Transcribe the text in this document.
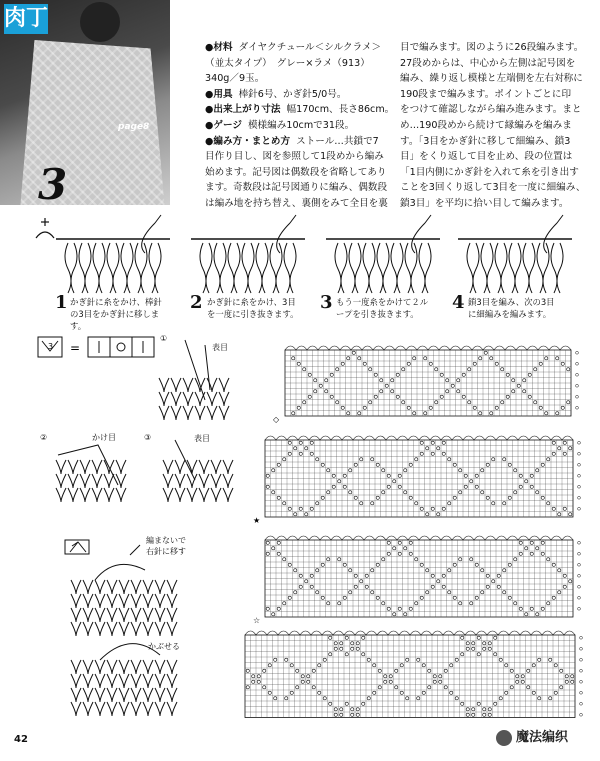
肉丁
page8
3
●材料 ダイヤクチュール＜シルクラメ＞
（並太タイプ）　グレー×ラメ（913）
340g／9玉。
●用具 棒針6号、かぎ針5/0号。
●出来上がり寸法 幅170cm、長さ86cm。
●ゲージ 模様編み10cmで31段。
●編み方・まとめ方 ストール…共鎖で7
目作り目し、図を参照して1段めから編み
始めます。記号図は偶数段を省略してあり
ます。奇数段は記号図通りに編み、偶数段
は編み地を持ち替え、裏側をみて全目を裏
目で編みます。図のように26段編みます。
27段めからは、中心から左側は記号図を
編み、繰り返し模様と左端側を左右対称に
190段まで編みます。ポイントごとに印
をつけて確認しながら編み進みます。まと
め…190段めから続けて縁編みを編みま
す。「3目をかぎ針に移して細編み、鎖3
目」をくり返して目を止め、段の位置は
「1目内側にかぎ針を入れて糸を引き出す
ことを3回くり返して3目を一度に細編み、
鎖3目」を平均に拾い目して編みます。
1 かぎ針に糸をかけ、棒針
の3目をかぎ針に移しま
す。
2 かぎ針に糸をかけ、3目
を一度に引き抜きます。
3 もう一度糸をかけて２ル
ープを引き抜きます。
4 鎖3目を編み、次の3目
に細編みを編みます。
3 =
①
表目
②	かけ目	③	表目
編まないで
右針に移す
かぶせる
◇
★
☆
42	魔法编织
